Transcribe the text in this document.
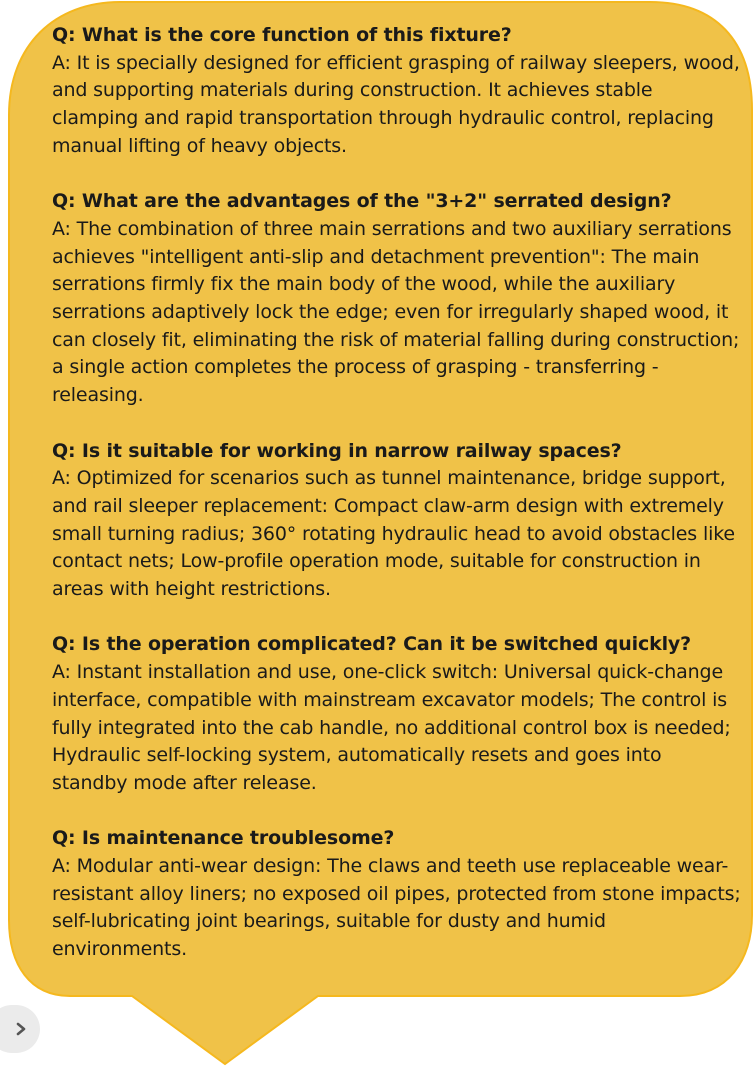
Q: What is the core function of this fixture?
A: It is specially designed for efficient grasping of railway sleepers, wood, and supporting materials during construction. It achieves stable clamping and rapid transportation through hydraulic control, replacing manual lifting of heavy objects.
Q: What are the advantages of the "3+2" serrated design?
A: The combination of three main serrations and two auxiliary serrations achieves "intelligent anti-slip and detachment prevention": The main serrations firmly fix the main body of the wood, while the auxiliary serrations adaptively lock the edge; even for irregularly shaped wood, it can closely fit, eliminating the risk of material falling during construction; a single action completes the process of grasping - transferring - releasing.
Q: Is it suitable for working in narrow railway spaces?
A: Optimized for scenarios such as tunnel maintenance, bridge support, and rail sleeper replacement: Compact claw-arm design with extremely small turning radius; 360° rotating hydraulic head to avoid obstacles like contact nets; Low-profile operation mode, suitable for construction in areas with height restrictions.
Q: Is the operation complicated? Can it be switched quickly?
A: Instant installation and use, one-click switch: Universal quick-change interface, compatible with mainstream excavator models; The control is fully integrated into the cab handle, no additional control box is needed; Hydraulic self-locking system, automatically resets and goes into standby mode after release.
Q: Is maintenance troublesome?
A: Modular anti-wear design: The claws and teeth use replaceable wear-resistant alloy liners; no exposed oil pipes, protected from stone impacts; self-lubricating joint bearings, suitable for dusty and humid environments.
